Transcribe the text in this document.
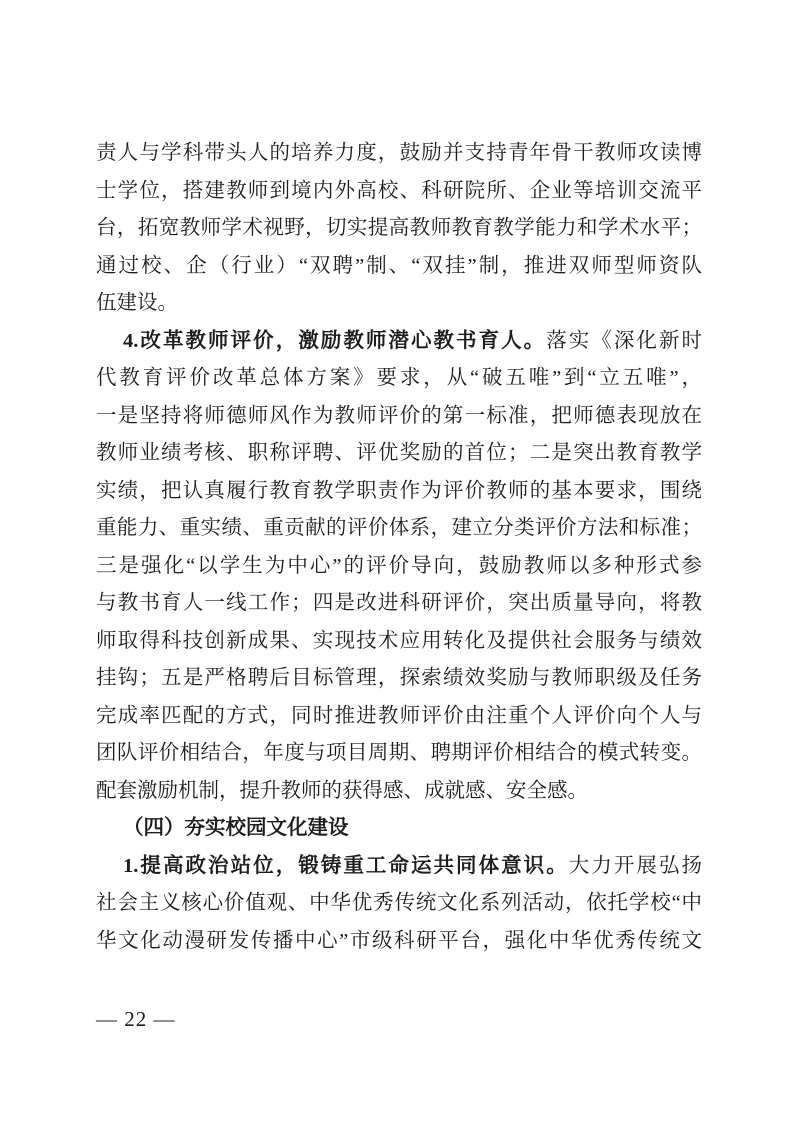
责人与学科带头人的培养力度，鼓励并支持青年骨干教师攻读博
士学位，搭建教师到境内外高校、科研院所、企业等培训交流平
台，拓宽教师学术视野，切实提高教师教育教学能力和学术水平；
通过校、企（行业）“双聘”制、“双挂”制，推进双师型师资队
伍建设。
4.改革教师评价，激励教师潜心教书育人。落实《深化新时
代教育评价改革总体方案》要求，从“破五唯”到“立五唯”，
一是坚持将师德师风作为教师评价的第一标准，把师德表现放在
教师业绩考核、职称评聘、评优奖励的首位；二是突出教育教学
实绩，把认真履行教育教学职责作为评价教师的基本要求，围绕
重能力、重实绩、重贡献的评价体系，建立分类评价方法和标准；
三是强化“以学生为中心”的评价导向，鼓励教师以多种形式参
与教书育人一线工作；四是改进科研评价，突出质量导向，将教
师取得科技创新成果、实现技术应用转化及提供社会服务与绩效
挂钩；五是严格聘后目标管理，探索绩效奖励与教师职级及任务
完成率匹配的方式，同时推进教师评价由注重个人评价向个人与
团队评价相结合，年度与项目周期、聘期评价相结合的模式转变。
配套激励机制，提升教师的获得感、成就感、安全感。
（四）夯实校园文化建设
1.提高政治站位，锻铸重工命运共同体意识。大力开展弘扬
社会主义核心价值观、中华优秀传统文化系列活动，依托学校“中
华文化动漫研发传播中心”市级科研平台，强化中华优秀传统文
— 22 —
